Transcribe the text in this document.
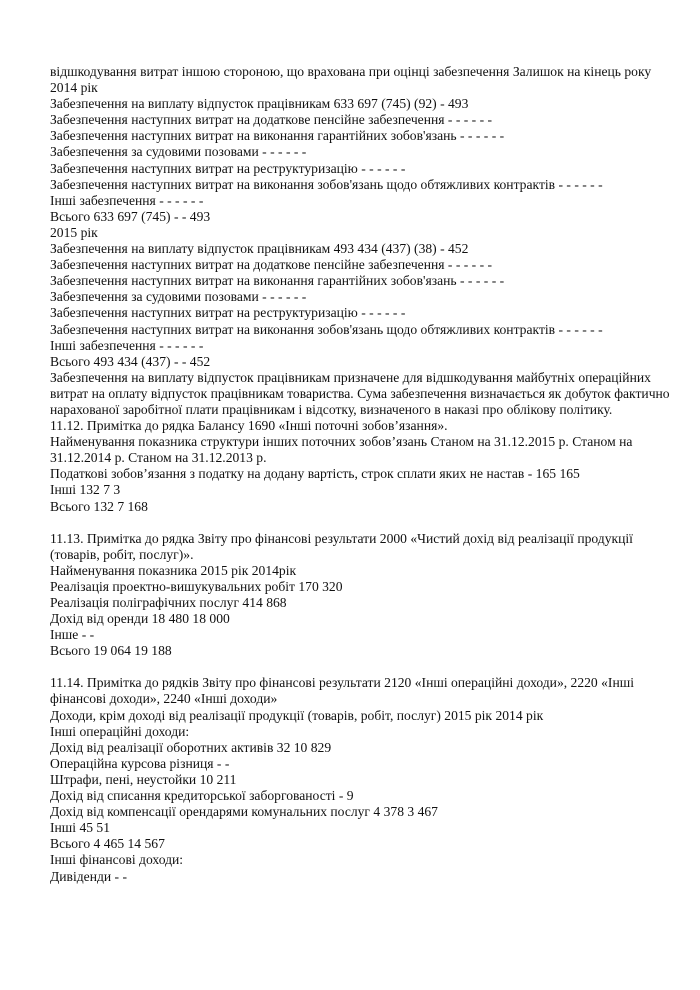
відшкодування витрат іншою стороною, що врахована при оцінці забезпечення Залишок на кінець року
2014 рік
Забезпечення на виплату відпусток працівникам 633 697 (745) (92) - 493
Забезпечення наступних витрат на додаткове пенсійне забезпечення - - - - - -
Забезпечення наступних витрат на виконання гарантійних зобов'язань - - - - - -
Забезпечення за судовими позовами - - - - - -
Забезпечення наступних витрат на реструктуризацію - - - - - -
Забезпечення наступних витрат на виконання зобов'язань щодо обтяжливих контрактів - - - - - -
Інші забезпечення - - - - - -
Всього 633 697 (745) - - 493
2015 рік
Забезпечення на виплату відпусток працівникам 493 434 (437) (38) - 452
Забезпечення наступних витрат на додаткове пенсійне забезпечення - - - - - -
Забезпечення наступних витрат на виконання гарантійних зобов'язань - - - - - -
Забезпечення за судовими позовами - - - - - -
Забезпечення наступних витрат на реструктуризацію - - - - - -
Забезпечення наступних витрат на виконання зобов'язань щодо обтяжливих контрактів - - - - - -
Інші забезпечення - - - - - -
Всього 493 434 (437) - - 452
Забезпечення на виплату відпусток працівникам призначене для відшкодування майбутніх операційних витрат на оплату відпусток працівникам товариства. Сума забезпечення визначається як добуток фактично нарахованої заробітної плати працівникам і відсотку, визначеного в наказі про облікову політику.
11.12. Примітка до рядка Балансу 1690 «Інші поточні зобов’язання».
Найменування показника структури інших поточних зобов’язань Станом на 31.12.2015 р. Станом на 31.12.2014 р. Станом на 31.12.2013 р.
Податкові зобов’язання з податку на додану вартість, строк сплати яких не настав - 165 165
Інші 132 7 3
Всього 132 7 168
11.13. Примітка до рядка Звіту про фінансові результати 2000 «Чистий дохід від реалізації продукції (товарів, робіт, послуг)».
Найменування показника 2015 рік 2014рік
Реалізація проектно-вишукувальних робіт 170 320
Реалізація поліграфічних послуг 414 868
Дохід від оренди 18 480 18 000
Інше - -
Всього 19 064 19 188
11.14. Примітка до рядків Звіту про фінансові результати 2120 «Інші операційні доходи», 2220 «Інші фінансові доходи», 2240 «Інші доходи»
Доходи, крім доході від реалізації продукції (товарів, робіт, послуг) 2015 рік 2014 рік
Інші операційні доходи:
Дохід від реалізації оборотних активів 32 10 829
Операційна курсова різниця - -
Штрафи, пені, неустойки 10 211
Дохід від списання кредиторської заборгованості - 9
Дохід від компенсації орендарями комунальних послуг 4 378 3 467
Інші 45 51
Всього 4 465 14 567
Інші фінансові доходи:
Дивіденди - -
